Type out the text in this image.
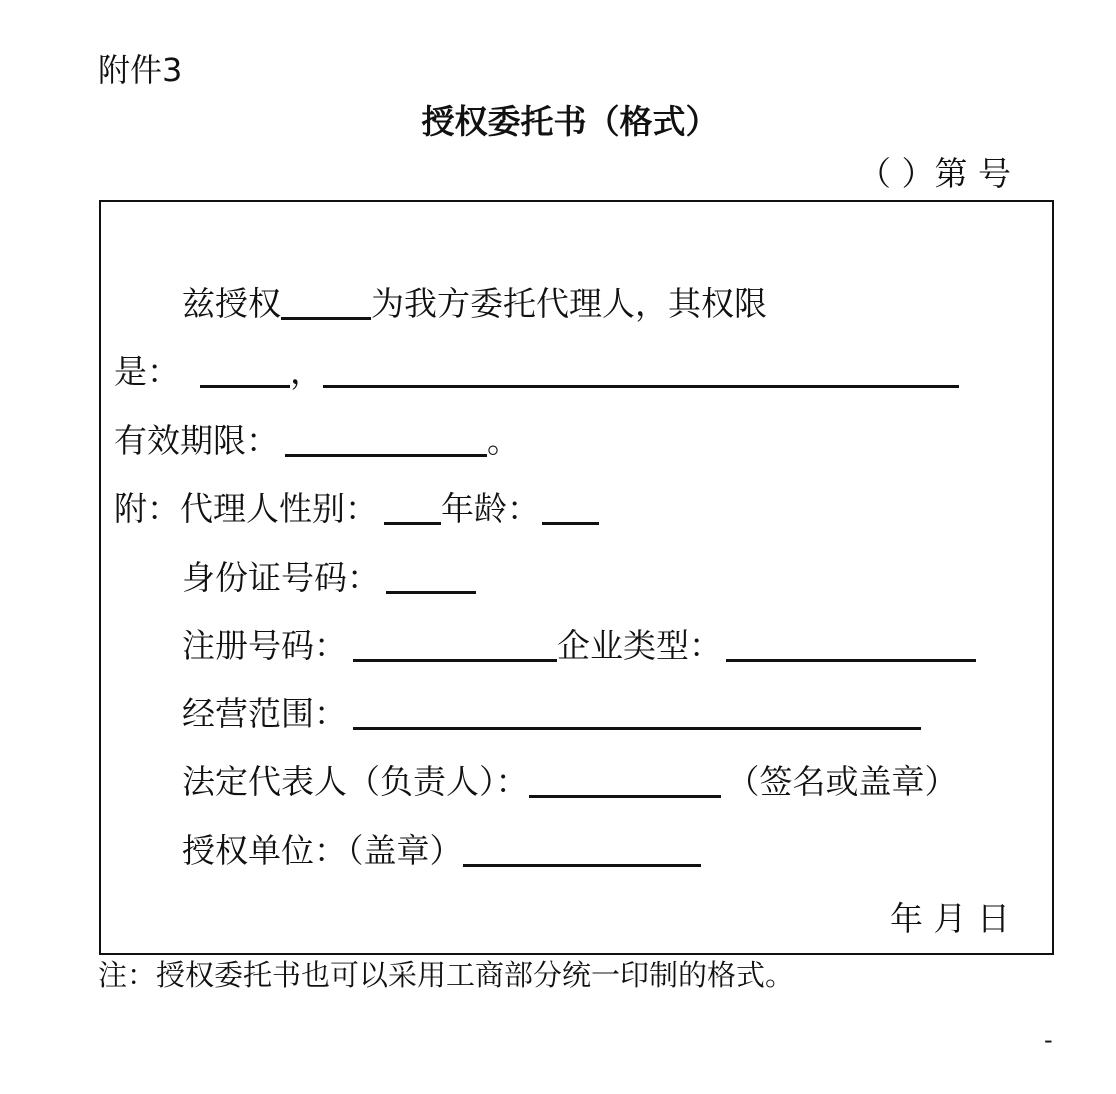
附件3
授权委托书（格式）
（ ）第 号
兹授权	为我方委托代理人，其权限
是：	，
有效期限：	。
附： 代理人性别： 年龄：
身份证号码：
注册号码：	企业类型：
经营范围：
法定代表人（负责人）：	（签名或盖章）
授权单位：（盖章）
年 月 日
注：授权委托书也可以采用工商部分统一印制的格式。
-
